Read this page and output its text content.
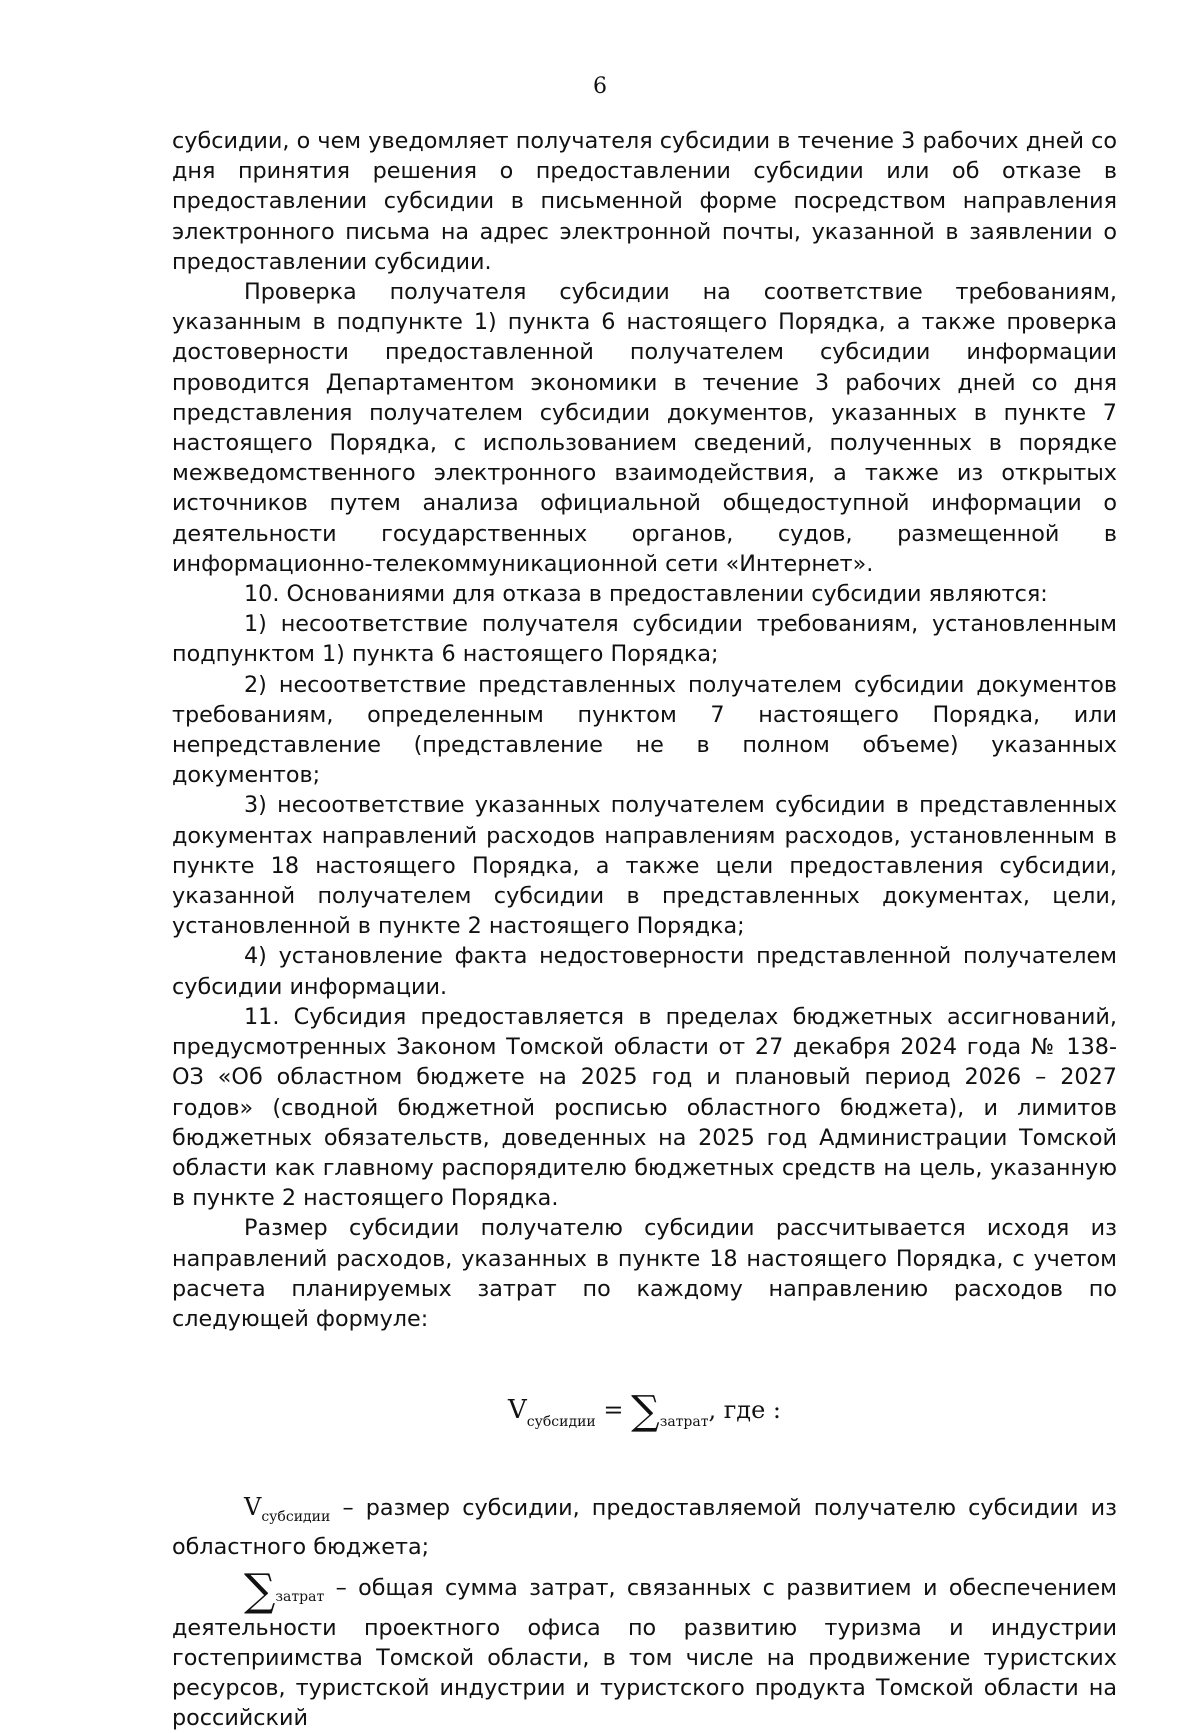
6

субсидии, о чем уведомляет получателя субсидии в течение 3 рабочих дней со дня принятия решения о предоставлении субсидии или об отказе в предоставлении субсидии в письменной форме посредством направления электронного письма на адрес электронной почты, указанной в заявлении о предоставлении субсидии.

Проверка получателя субсидии на соответствие требованиям, указанным в подпункте 1) пункта 6 настоящего Порядка, а также проверка достоверности предоставленной получателем субсидии информации проводится Департаментом экономики в течение 3 рабочих дней со дня представления получателем субсидии документов, указанных в пункте 7 настоящего Порядка, с использованием сведений, полученных в порядке межведомственного электронного взаимодействия, а также из открытых источников путем анализа официальной общедоступной информации о деятельности государственных органов, судов, размещенной в информационно-телекоммуникационной сети «Интернет».

10. Основаниями для отказа в предоставлении субсидии являются:

1) несоответствие получателя субсидии требованиям, установленным подпунктом 1) пункта 6 настоящего Порядка;

2) несоответствие представленных получателем субсидии документов требованиям, определенным пунктом 7 настоящего Порядка, или непредставление (представление не в полном объеме) указанных документов;

3) несоответствие указанных получателем субсидии в представленных документах направлений расходов направлениям расходов, установленным в пункте 18 настоящего Порядка, а также цели предоставления субсидии, указанной получателем субсидии в представленных документах, цели, установленной в пункте 2 настоящего Порядка;

4) установление факта недостоверности представленной получателем субсидии информации.

11. Субсидия предоставляется в пределах бюджетных ассигнований, предусмотренных Законом Томской области от 27 декабря 2024 года № 138-ОЗ «Об областном бюджете на 2025 год и плановый период 2026 – 2027 годов» (сводной бюджетной росписью областного бюджета), и лимитов бюджетных обязательств, доведенных на 2025 год Администрации Томской области как главному распорядителю бюджетных средств на цель, указанную в пункте 2 настоящего Порядка.

Размер субсидии получателю субсидии рассчитывается исходя из направлений расходов, указанных в пункте 18 настоящего Порядка, с учетом расчета планируемых затрат по каждому направлению расходов по следующей формуле:

$V_{субсидии} = \sum_{затрат}$, где :

$V_{субсидии}$ – размер субсидии, предоставляемой получателю субсидии из областного бюджета;

$\sum_{затрат}$ – общая сумма затрат, связанных с развитием и обеспечением деятельности проектного офиса по развитию туризма и индустрии гостеприимства Томской области, в том числе на продвижение туристских ресурсов, туристской индустрии и туристского продукта Томской области на российский
